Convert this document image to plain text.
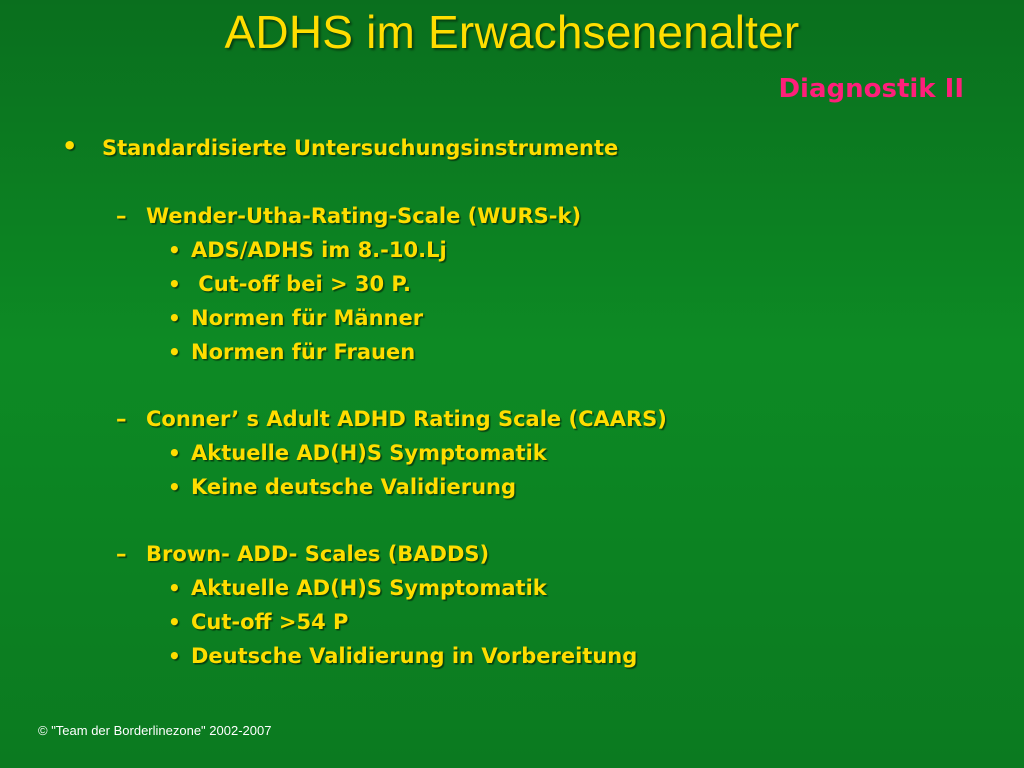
ADHS im Erwachsenenalter
Diagnostik II
• Standardisierte Untersuchungsinstrumente
– Wender-Utha-Rating-Scale (WURS-k)
• ADS/ADHS im 8.-10.Lj
• Cut-off bei > 30 P.
• Normen für Männer
• Normen für Frauen
– Conner’ s Adult ADHD Rating Scale (CAARS)
• Aktuelle AD(H)S Symptomatik
• Keine deutsche Validierung
– Brown- ADD- Scales (BADDS)
• Aktuelle AD(H)S Symptomatik
• Cut-off >54 P
• Deutsche Validierung in Vorbereitung
© "Team der Borderlinezone" 2002-2007
